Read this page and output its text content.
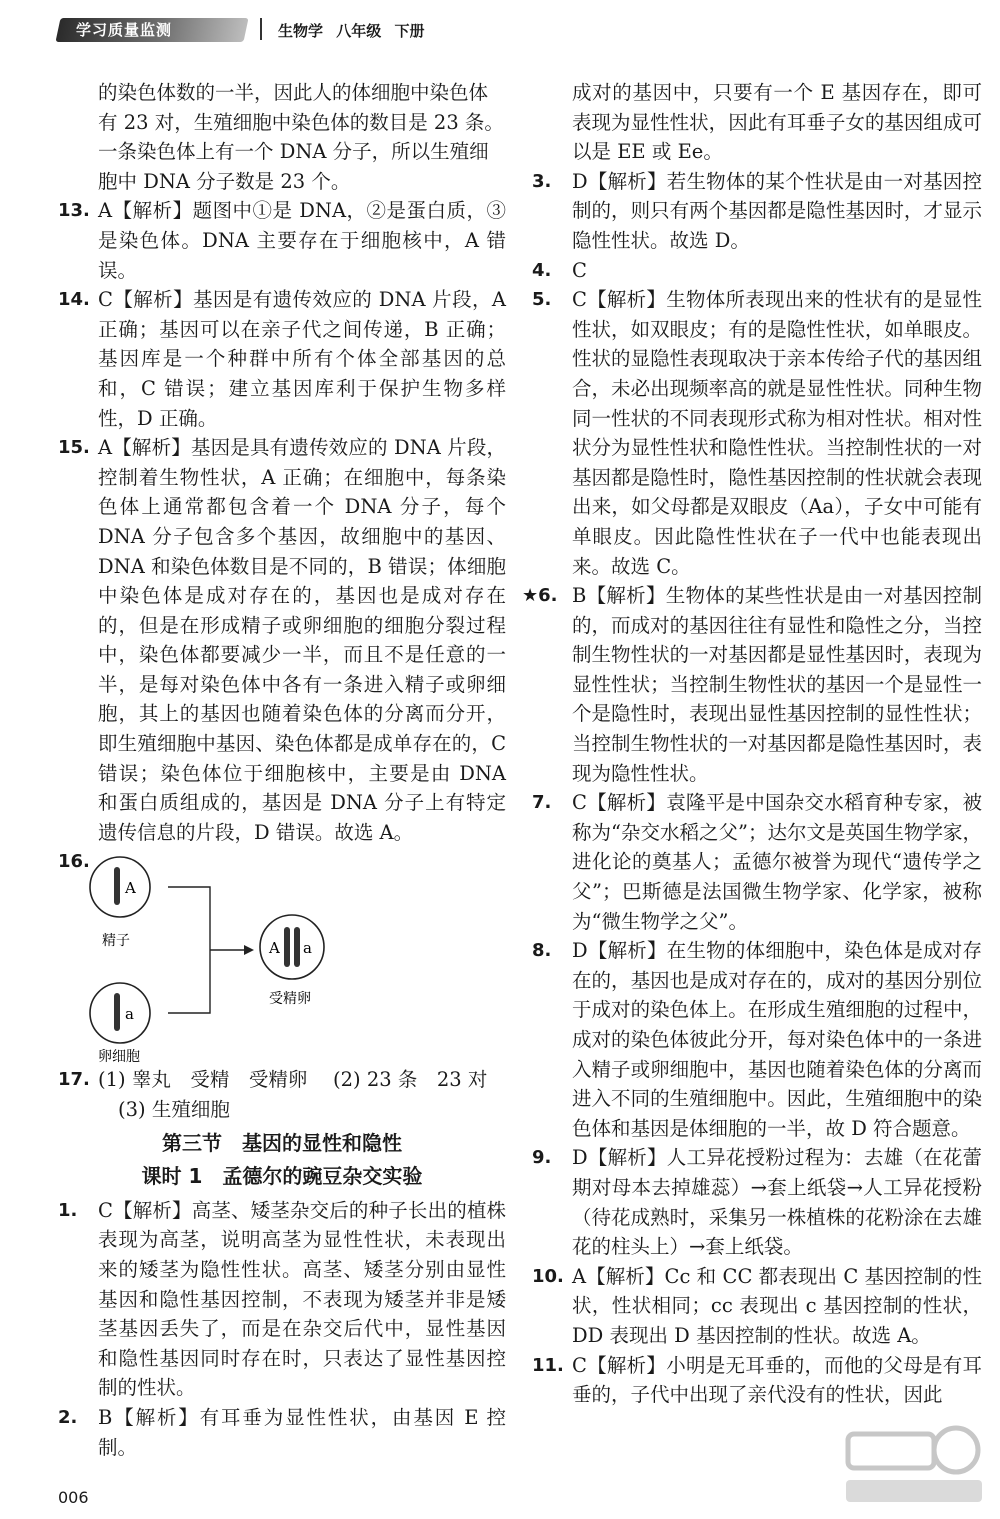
学习质量监测	生物学 八年级 下册

的染色体数的一半，因此人的体细胞中染色体

有 23 对，生殖细胞中染色体的数目是 23 条。

一条染色体上有一个 DNA 分子，所以生殖细

胞中 DNA 分子数是 23 个。

13. A【解析】题图中①是 DNA，②是蛋白质，③是染色体。DNA 主要存在于细胞核中，A 错误。
14. C【解析】基因是有遗传效应的 DNA 片段，A 正确；基因可以在亲子代之间传递，B 正确；基因库是一个种群中所有个体全部基因的总和，C 错误；建立基因库利于保护生物多样性，D 正确。
15. A【解析】基因是具有遗传效应的 DNA 片段，控制着生物性状，A 正确；在细胞中，每条染色体上通常都包含着一个 DNA 分子，每个 DNA 分子包含多个基因，故细胞中的基因、DNA 和染色体数目是不同的，B 错误；体细胞中染色体是成对存在的，基因也是成对存在的，但是在形成精子或卵细胞的细胞分裂过程中，染色体都要减少一半，而且不是任意的一半，是每对染色体中各有一条进入精子或卵细胞，其上的基因也随着染色体的分离而分开，即生殖细胞中基因、染色体都是成单存在的，C 错误；染色体位于细胞核中，主要是由 DNA 和蛋白质组成的，基因是 DNA 分子上有特定遗传信息的片段，D 错误。故选 A。
16.
A
精子
a
卵细胞
A a
受精卵
17. (1) 睾丸　受精　受精卵　 (2) 23 条　23 对
(3) 生殖细胞
第三节　基因的显性和隐性
课时 1　孟德尔的豌豆杂交实验
1. C【解析】高茎、矮茎杂交后的种子长出的植株表现为高茎，说明高茎为显性性状，未表现出来的矮茎为隐性性状。高茎、矮茎分别由显性基因和隐性基因控制，不表现为矮茎并非是矮茎基因丢失了，而是在杂交后代中，显性基因和隐性基因同时存在时，只表达了显性基因控制的性状。
2. B【解析】有耳垂为显性性状，由基因 E 控制。

成对的基因中，只要有一个 E 基因存在，即可表现为显性性状，因此有耳垂子女的基因组成可以是 EE 或 Ee。

3. D【解析】若生物体的某个性状是由一对基因控制的，则只有两个基因都是隐性基因时，才显示隐性性状。故选 D。
4. C
5. C【解析】生物体所表现出来的性状有的是显性性状，如双眼皮；有的是隐性性状，如单眼皮。性状的显隐性表现取决于亲本传给子代的基因组合，未必出现频率高的就是显性性状。同种生物同一性状的不同表现形式称为相对性状。相对性状分为显性性状和隐性性状。当控制性状的一对基因都是隐性时，隐性基因控制的性状就会表现出来，如父母都是双眼皮（Aa），子女中可能有单眼皮。因此隐性性状在子一代中也能表现出来。故选 C。
★6. B【解析】生物体的某些性状是由一对基因控制的，而成对的基因往往有显性和隐性之分，当控制生物性状的一对基因都是显性基因时，表现为显性性状；当控制生物性状的基因一个是显性一个是隐性时，表现出显性基因控制的显性性状；当控制生物性状的一对基因都是隐性基因时，表现为隐性性状。
7. C【解析】袁隆平是中国杂交水稻育种专家，被称为“杂交水稻之父”；达尔文是英国生物学家，进化论的奠基人；孟德尔被誉为现代“遗传学之父”；巴斯德是法国微生物学家、化学家，被称为“微生物学之父”。
8. D【解析】在生物的体细胞中，染色体是成对存在的，基因也是成对存在的，成对的基因分别位于成对的染色体上。在形成生殖细胞的过程中，成对的染色体彼此分开，每对染色体中的一条进入精子或卵细胞中，基因也随着染色体的分离而进入不同的生殖细胞中。因此，生殖细胞中的染色体和基因是体细胞的一半，故 D 符合题意。
9. D【解析】人工异花授粉过程为：去雄（在花蕾期对母本去掉雄蕊）→套上纸袋→人工异花授粉（待花成熟时，采集另一株植株的花粉涂在去雄花的柱头上）→套上纸袋。
10. A【解析】Cc 和 CC 都表现出 C 基因控制的性状，性状相同；cc 表现出 c 基因控制的性状，DD 表现出 D 基因控制的性状。故选 A。
11. C【解析】小明是无耳垂的，而他的父母是有耳垂的，子代中出现了亲代没有的性状，因此
006
